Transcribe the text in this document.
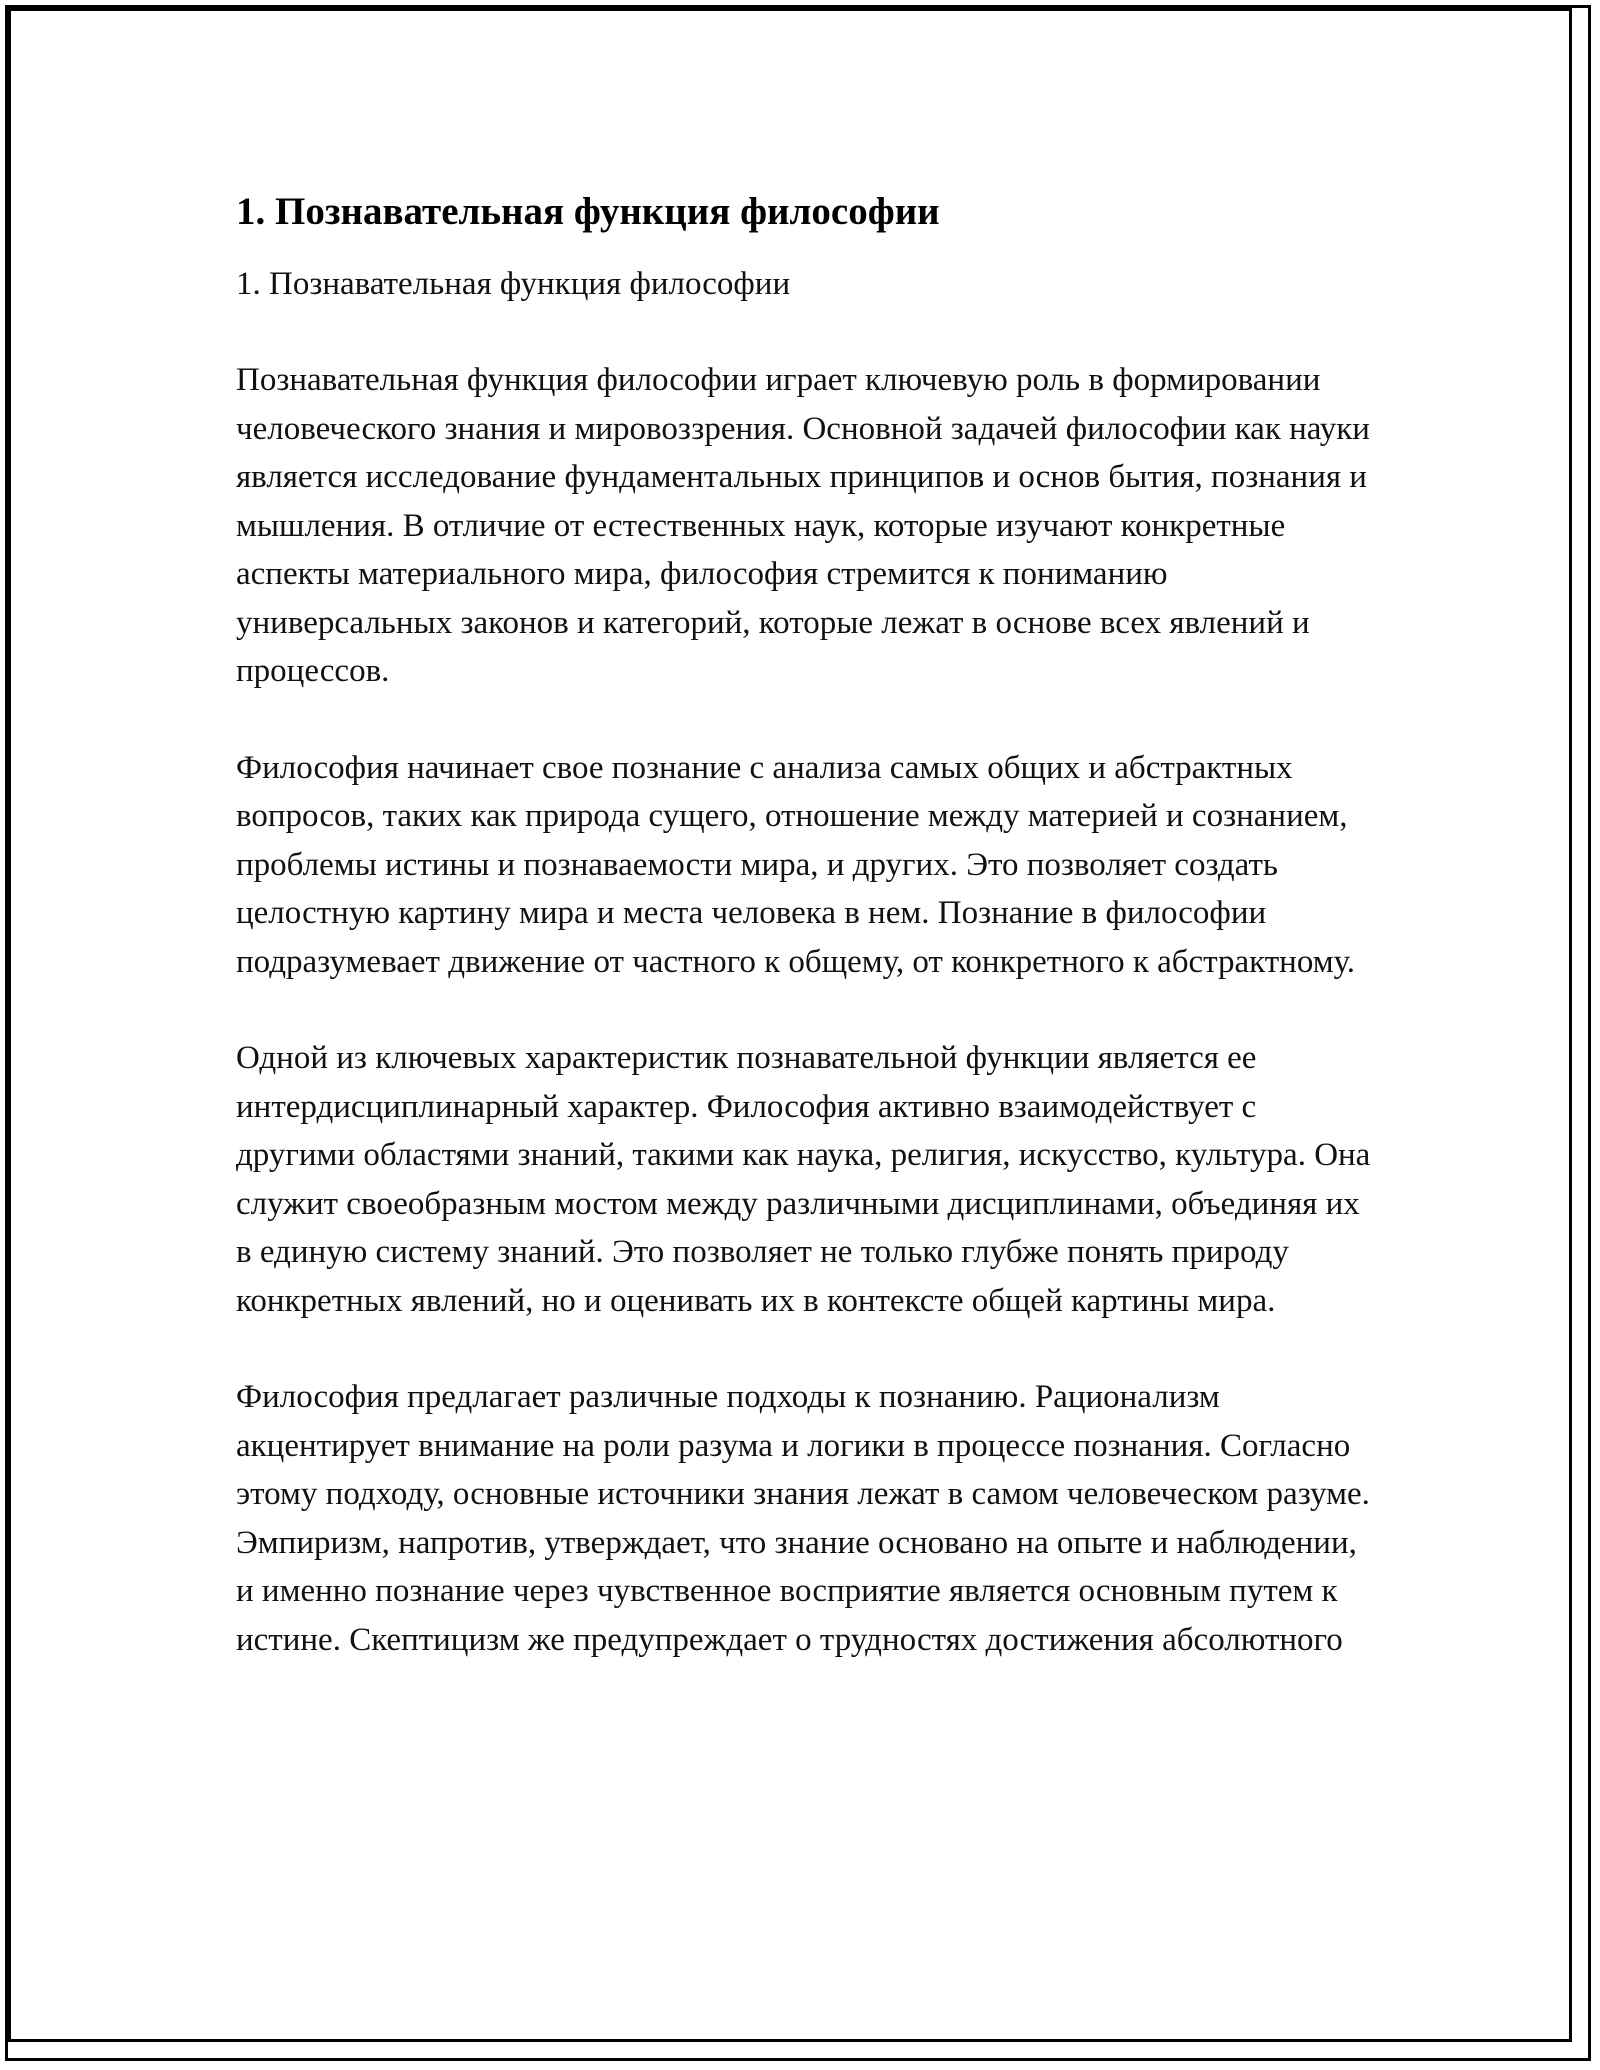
1. Познавательная функция философии

1. Познавательная функция философии

Познавательная функция философии играет ключевую роль в формировании человеческого знания и мировоззрения. Основной задачей философии как науки является исследование фундаментальных принципов и основ бытия, познания и мышления. В отличие от естественных наук, которые изучают конкретные аспекты материального мира, философия стремится к пониманию универсальных законов и категорий, которые лежат в основе всех явлений и процессов.

Философия начинает свое познание с анализа самых общих и абстрактных вопросов, таких как природа сущего, отношение между материей и сознанием, проблемы истины и познаваемости мира, и других. Это позволяет создать целостную картину мира и места человека в нем. Познание в философии подразумевает движение от частного к общему, от конкретного к абстрактному.

Одной из ключевых характеристик познавательной функции является ее интердисциплинарный характер. Философия активно взаимодействует с другими областями знаний, такими как наука, религия, искусство, культура. Она служит своеобразным мостом между различными дисциплинами, объединяя их в единую систему знаний. Это позволяет не только глубже понять природу конкретных явлений, но и оценивать их в контексте общей картины мира.

Философия предлагает различные подходы к познанию. Рационализм акцентирует внимание на роли разума и логики в процессе познания. Согласно этому подходу, основные источники знания лежат в самом человеческом разуме. Эмпиризм, напротив, утверждает, что знание основано на опыте и наблюдении, и именно познание через чувственное восприятие является основным путем к истине. Скептицизм же предупреждает о трудностях достижения абсолютного
